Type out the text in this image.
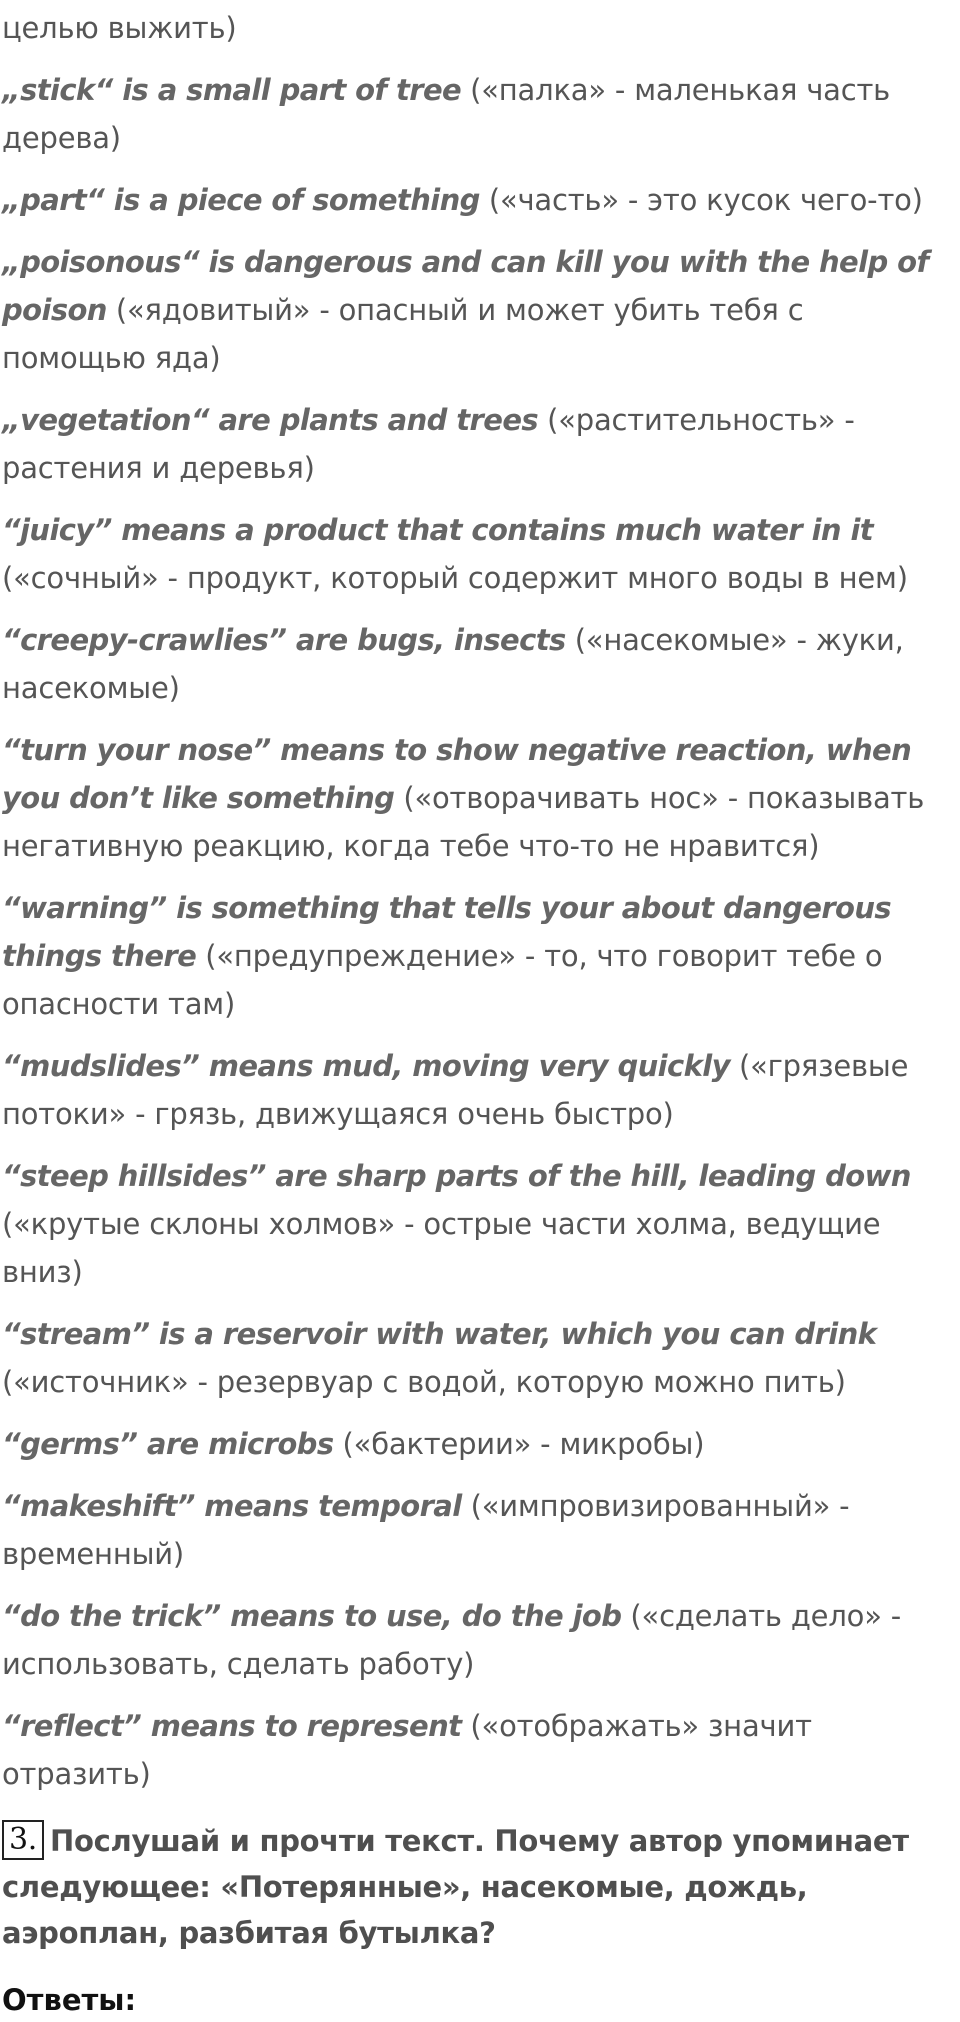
целью выжить)
„stick“ is a small part of tree («палка» - маленькая часть дерева)
„part“ is a piece of something («часть» - это кусок чего-то)
„poisonous“ is dangerous and can kill you with the help of poison («ядовитый» - опасный и может убить тебя с помощью яда)
„vegetation“ are plants and trees («растительность» - растения и деревья)
“juicy” means a product that contains much water in it («сочный» - продукт, который содержит много воды в нем)
“creepy-crawlies” are bugs, insects («насекомые» - жуки, насекомые)
“turn your nose” means to show negative reaction, when you don’t like something («отворачивать нос» - показывать негативную реакцию, когда тебе что-то не нравится)
“warning” is something that tells your about dangerous things there («предупреждение» - то, что говорит тебе о опасности там)
“mudslides” means mud, moving very quickly («грязевые потоки» - грязь, движущаяся очень быстро)
“steep hillsides” are sharp parts of the hill, leading down («крутые склоны холмов» - острые части холма, ведущие вниз)
“stream” is a reservoir with water, which you can drink («источник» - резервуар с водой, которую можно пить)
“germs” are microbs («бактерии» - микробы)
“makeshift” means temporal («импровизированный» - временный)
“do the trick” means to use, do the job («сделать дело» - использовать, сделать работу)
“reflect” means to represent («отображать» значит отразить)
3. Послушай и прочти текст. Почему автор упоминает следующее: «Потерянные», насекомые, дождь, аэроплан, разбитая бутылка?
Ответы:
